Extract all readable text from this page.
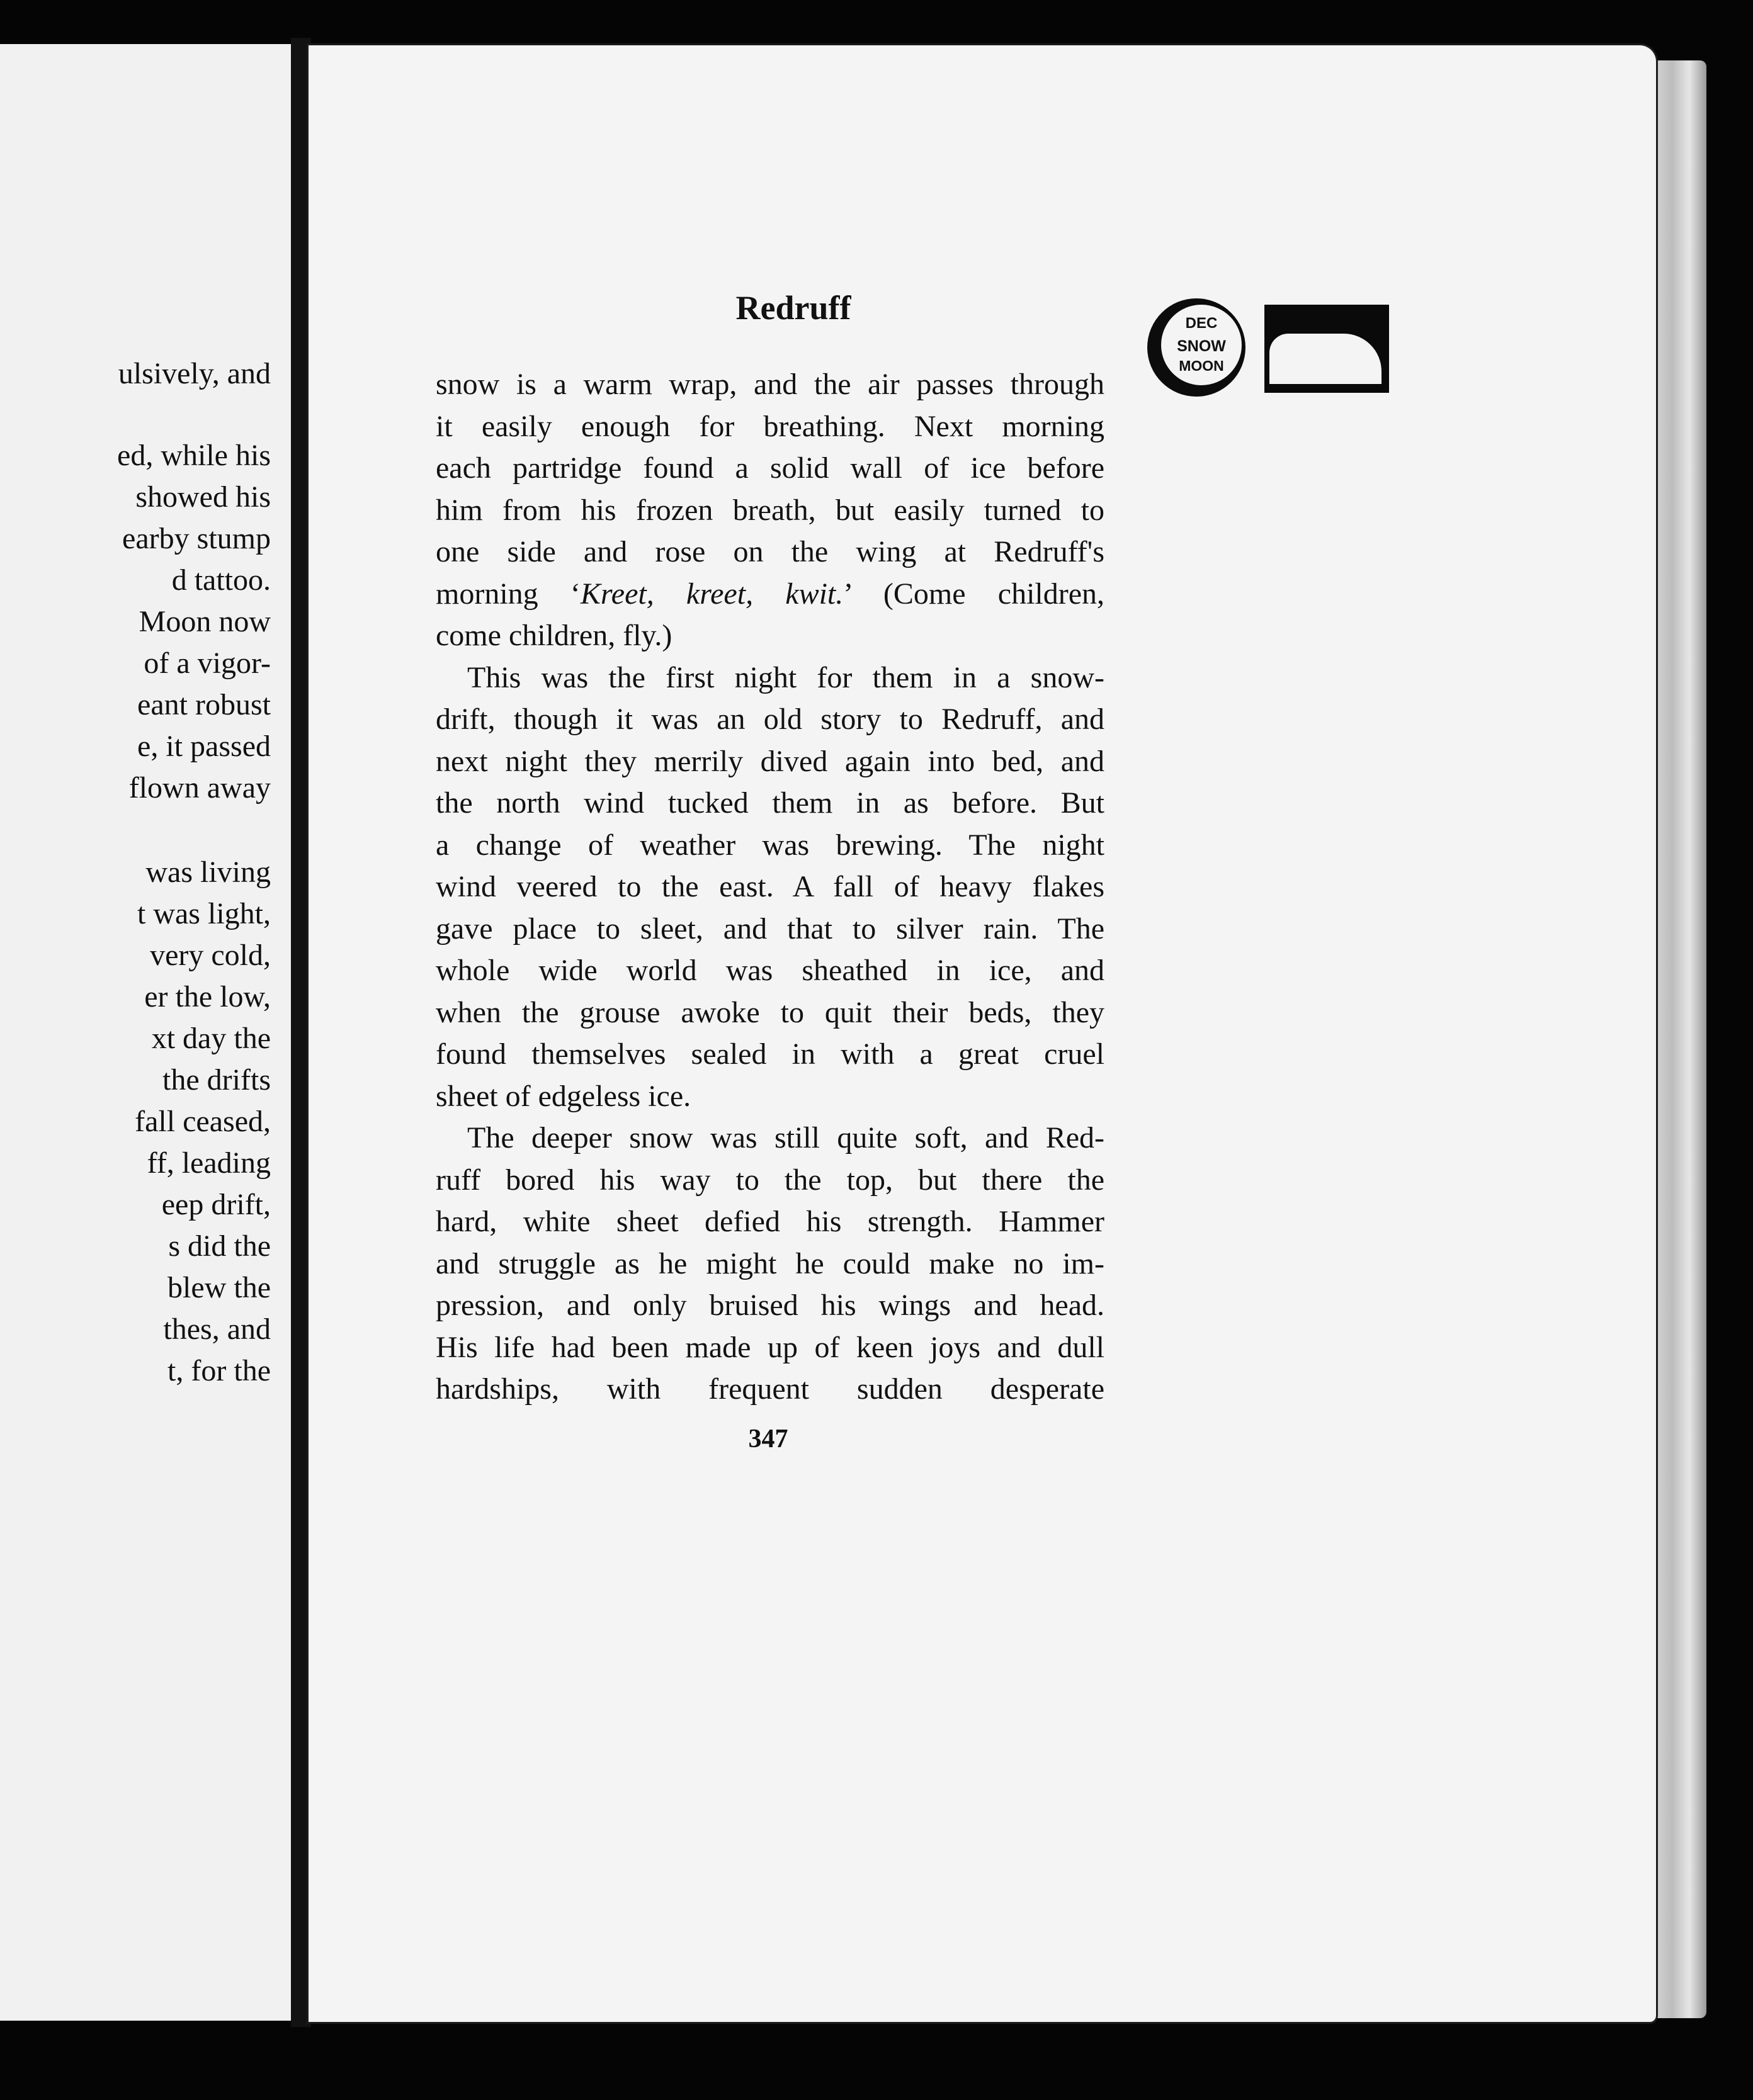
ulsively, and
ed, while his
showed his
earby stump
d tattoo.
Moon now
of a vigor-
eant robust
e, it passed
flown away
was living
t was light,
very cold,
er the low,
xt day the
the drifts
fall ceased,
ff, leading
eep drift,
s did the
blew the
thes, and
t, for the
Redruff	DEC
SNOW
MOON

snow is a warm wrap, and the air passes through

it easily enough for breathing. Next morning

each partridge found a solid wall of ice before

him from his frozen breath, but easily turned to

one side and rose on the wing at Redruff's

morning ‘Kreet, kreet, kwit.’ (Come children,

come children, fly.)

This was the first night for them in a snow-

drift, though it was an old story to Redruff, and

next night they merrily dived again into bed, and

the north wind tucked them in as before. But

a change of weather was brewing. The night

wind veered to the east. A fall of heavy flakes

gave place to sleet, and that to silver rain. The

whole wide world was sheathed in ice, and

when the grouse awoke to quit their beds, they

found themselves sealed in with a great cruel

sheet of edgeless ice.

The deeper snow was still quite soft, and Red-

ruff bored his way to the top, but there the

hard, white sheet defied his strength. Hammer

and struggle as he might he could make no im-

pression, and only bruised his wings and head.

His life had been made up of keen joys and dull

hardships, with frequent sudden desperate

347
